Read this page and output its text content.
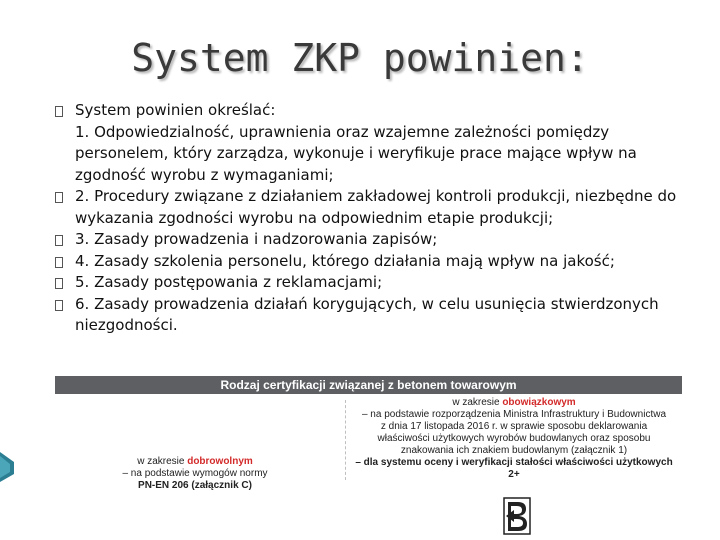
System ZKP powinien:
System powinien określać:
1. Odpowiedzialność, uprawnienia oraz wzajemne zależności pomiędzy
personelem, który zarządza, wykonuje i weryfikuje prace mające wpływ na
zgodność wyrobu z wymaganiami;
2. Procedury związane z działaniem zakładowej kontroli produkcji, niezbędne do
wykazania zgodności wyrobu na odpowiednim etapie produkcji;
3. Zasady prowadzenia i nadzorowania zapisów;
4. Zasady szkolenia personelu, którego działania mają wpływ na jakość;
5. Zasady postępowania z reklamacjami;
6. Zasady prowadzenia działań korygujących, w celu usunięcia stwierdzonych
niezgodności.
Rodzaj certyfikacji związanej z betonem towarowym
w zakresie dobrowolnym
– na podstawie wymogów normy
PN-EN 206 (załącznik C)
w zakresie obowiązkowym
– na podstawie rozporządzenia Ministra Infrastruktury i Budownictwa
z dnia 17 listopada 2016 r. w sprawie sposobu deklarowania
właściwości użytkowych wyrobów budowlanych oraz sposobu
znakowania ich znakiem budowlanym (załącznik 1)
– dla systemu oceny i weryfikacji stałości właściwości użytkowych
2+
